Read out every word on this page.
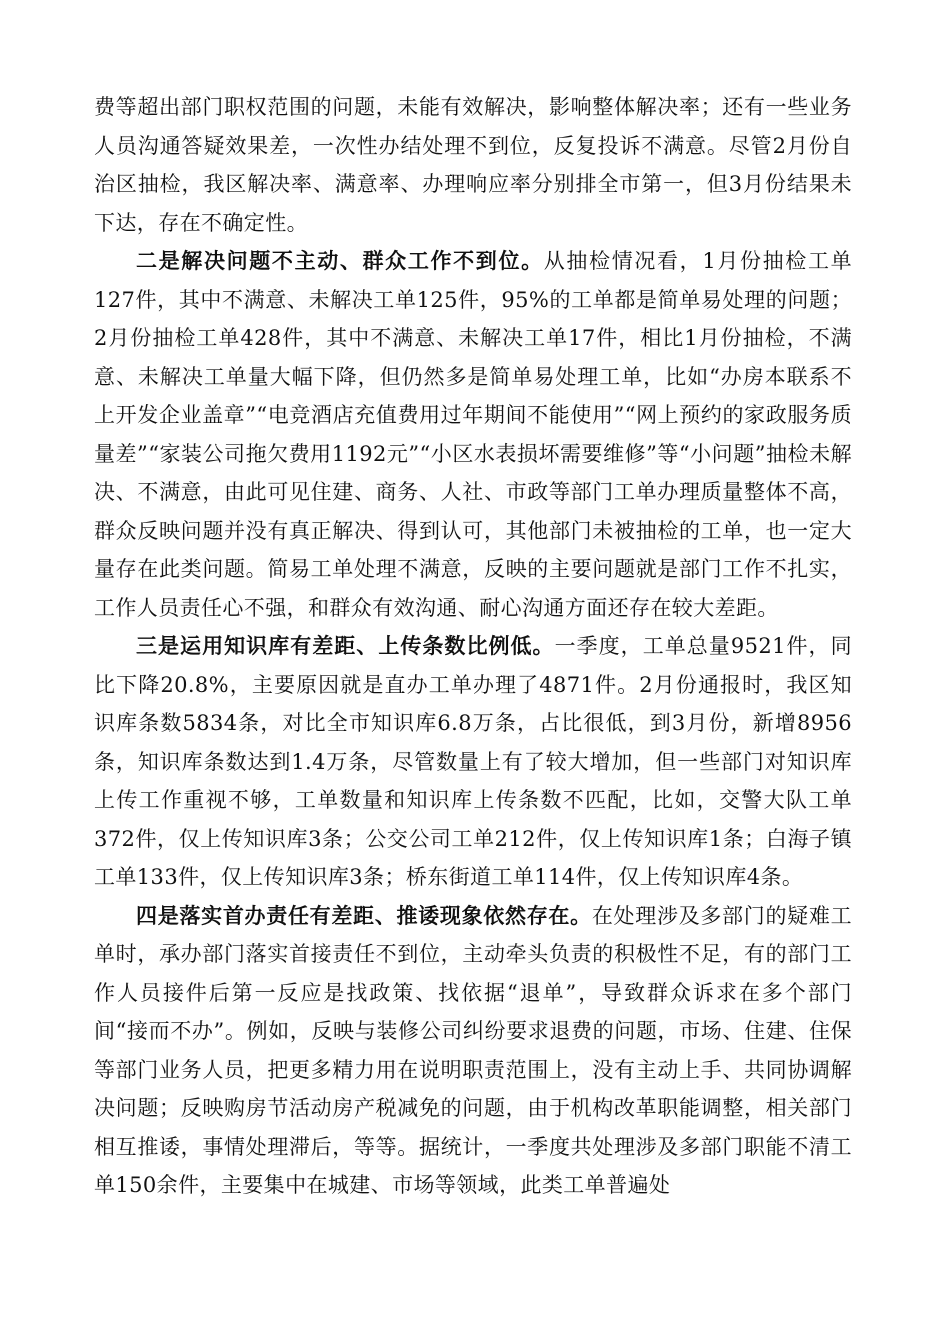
费等超出部门职权范围的问题，未能有效解决，影响整体解决率；还有一些业务人员沟通答疑效果差，一次性办结处理不到位，反复投诉不满意。尽管2月份自治区抽检，我区解决率、满意率、办理响应率分别排全市第一，但3月份结果未下达，存在不确定性。

二是解决问题不主动、群众工作不到位。从抽检情况看，1月份抽检工单127件，其中不满意、未解决工单125件，95%的工单都是简单易处理的问题；2月份抽检工单428件，其中不满意、未解决工单17件，相比1月份抽检，不满意、未解决工单量大幅下降，但仍然多是简单易处理工单，比如“办房本联系不上开发企业盖章”“电竞酒店充值费用过年期间不能使用”“网上预约的家政服务质量差”“家装公司拖欠费用1192元”“小区水表损坏需要维修”等“小问题”抽检未解决、不满意，由此可见住建、商务、人社、市政等部门工单办理质量整体不高，群众反映问题并没有真正解决、得到认可，其他部门未被抽检的工单，也一定大量存在此类问题。简易工单处理不满意，反映的主要问题就是部门工作不扎实，工作人员责任心不强，和群众有效沟通、耐心沟通方面还存在较大差距。

三是运用知识库有差距、上传条数比例低。一季度，工单总量9521件，同比下降20.8%，主要原因就是直办工单办理了4871件。2月份通报时，我区知识库条数5834条，对比全市知识库6.8万条，占比很低，到3月份，新增8956条，知识库条数达到1.4万条，尽管数量上有了较大增加，但一些部门对知识库上传工作重视不够，工单数量和知识库上传条数不匹配，比如，交警大队工单372件，仅上传知识库3条；公交公司工单212件，仅上传知识库1条；白海子镇工单133件，仅上传知识库3条；桥东街道工单114件，仅上传知识库4条。

四是落实首办责任有差距、推诿现象依然存在。在处理涉及多部门的疑难工单时，承办部门落实首接责任不到位，主动牵头负责的积极性不足，有的部门工作人员接件后第一反应是找政策、找依据“退单”，导致群众诉求在多个部门间“接而不办”。例如，反映与装修公司纠纷要求退费的问题，市场、住建、住保等部门业务人员，把更多精力用在说明职责范围上，没有主动上手、共同协调解决问题；反映购房节活动房产税减免的问题，由于机构改革职能调整，相关部门相互推诿，事情处理滞后，等等。据统计，一季度共处理涉及多部门职能不清工单150余件，主要集中在城建、市场等领域，此类工单普遍处
